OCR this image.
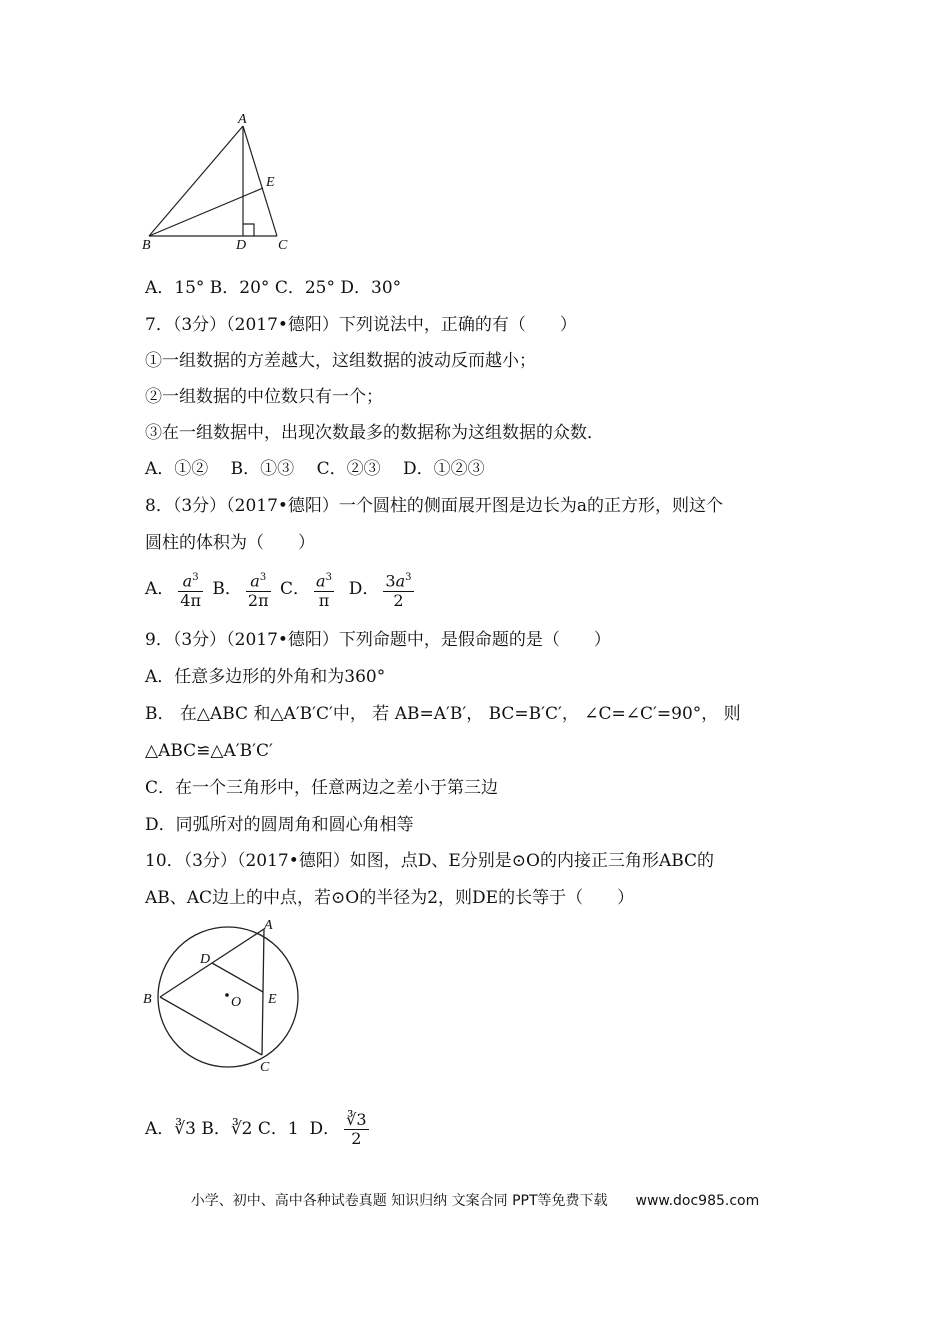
A
B	C
D
E
A．15° B．20° C．25° D．30°
7．（3分）（2017•德阳）下列说法中，正确的有（　　）
①一组数据的方差越大，这组数据的波动反而越小；
②一组数据的中位数只有一个；
③在一组数据中，出现次数最多的数据称为这组数据的众数．
A．①②　 B．①③　 C．②③　 D．①②③
8．（3分）（2017•德阳）一个圆柱的侧面展开图是边长为a的正方形，则这个
圆柱的体积为（　　）
A． $\frac{a^3}{4\pi}$ B． $\frac{a^3}{2\pi}$ C． $\frac{a^3}{\pi}$ D． $\frac{3a^3}{2}$
9．（3分）（2017•德阳）下列命题中，是假命题的是（　　）
A．任意多边形的外角和为360°
B． 在△ABC 和△A′B′C′中， 若 AB=A′B′， BC=B′C′， ∠C=∠C′=90°， 则
△ABC≌△A′B′C′
C．在一个三角形中，任意两边之差小于第三边
D．同弧所对的圆周角和圆心角相等
10．（3分）（2017•德阳）如图，点D、E分别是⊙O的内接正三角形ABC的
AB、AC边上的中点，若⊙O的半径为2，则DE的长等于（　　）
A
B
C
D
E
O
A．∛3 B．∛2 C．1 D． $\frac{∛3}{2}$
小学、初中、高中各种试卷真题 知识归纳 文案合同 PPT等免费下载 www.doc985.com
